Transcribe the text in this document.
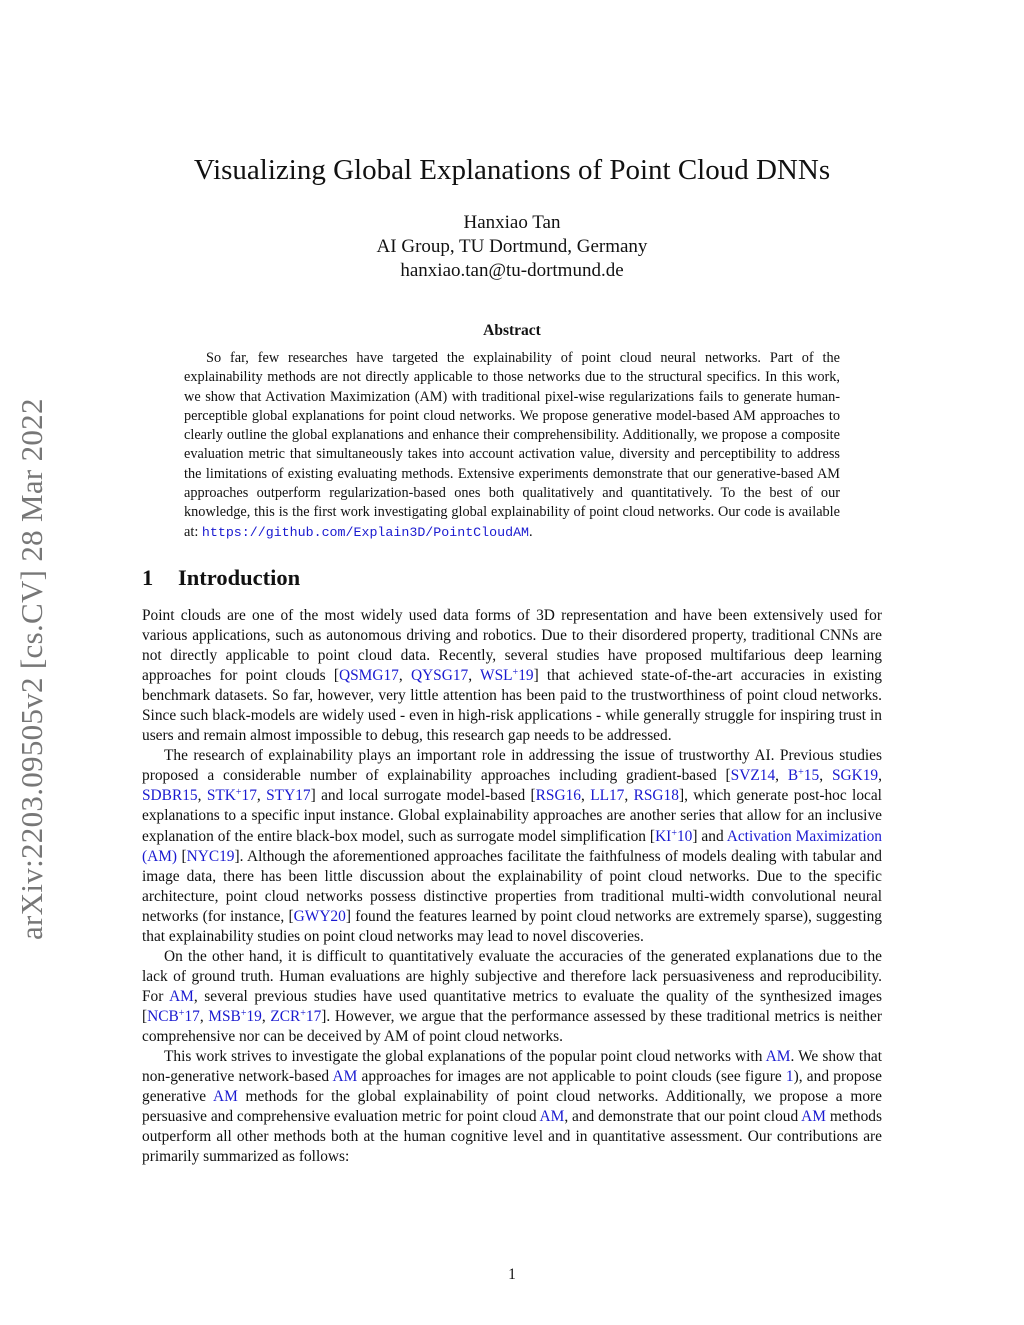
arXiv:2203.09505v2 [cs.CV] 28 Mar 2022
Visualizing Global Explanations of Point Cloud DNNs
Hanxiao Tan
AI Group, TU Dortmund, Germany
hanxiao.tan@tu-dortmund.de
Abstract

So far, few researches have targeted the explainability of point cloud neural networks. Part of the explainability methods are not directly applicable to those networks due to the structural specifics. In this work, we show that Activation Maximization (AM) with traditional pixel-wise regularizations fails to generate human-perceptible global explanations for point cloud networks. We propose generative model-based AM approaches to clearly outline the global explanations and enhance their comprehensibility. Additionally, we propose a composite evaluation metric that simultaneously takes into account activation value, diversity and perceptibility to address the limitations of existing evaluating methods. Extensive experiments demonstrate that our generative-based AM approaches outperform regularization-based ones both qualitatively and quantitatively. To the best of our knowledge, this is the first work investigating global explainability of point cloud networks. Our code is available at: https://github.com/Explain3D/PointCloudAM.

1 Introduction

Point clouds are one of the most widely used data forms of 3D representation and have been extensively used for various applications, such as autonomous driving and robotics. Due to their disordered property, traditional CNNs are not directly applicable to point cloud data. Recently, several studies have proposed multifarious deep learning approaches for point clouds [QSMG17, QYSG17, WSL+19] that achieved state-of-the-art accuracies in existing benchmark datasets. So far, however, very little attention has been paid to the trustworthiness of point cloud networks. Since such black-models are widely used - even in high-risk applications - while generally struggle for inspiring trust in users and remain almost impossible to debug, this research gap needs to be addressed.

The research of explainability plays an important role in addressing the issue of trustworthy AI. Previous studies proposed a considerable number of explainability approaches including gradient-based [SVZ14, B+15, SGK19, SDBR15, STK+17, STY17] and local surrogate model-based [RSG16, LL17, RSG18], which generate post-hoc local explanations to a specific input instance. Global explainability approaches are another series that allow for an inclusive explanation of the entire black-box model, such as surrogate model simplification [KI+10] and Activation Maximization (AM) [NYC19]. Although the aforementioned approaches facilitate the faithfulness of models dealing with tabular and image data, there has been little discussion about the explainability of point cloud networks. Due to the specific architecture, point cloud networks possess distinctive properties from traditional multi-width convolutional neural networks (for instance, [GWY20] found the features learned by point cloud networks are extremely sparse), suggesting that explainability studies on point cloud networks may lead to novel discoveries.

On the other hand, it is difficult to quantitatively evaluate the accuracies of the generated explanations due to the lack of ground truth. Human evaluations are highly subjective and therefore lack persuasiveness and reproducibility. For AM, several previous studies have used quantitative metrics to evaluate the quality of the synthesized images [NCB+17, MSB+19, ZCR+17]. However, we argue that the performance assessed by these traditional metrics is neither comprehensive nor can be deceived by AM of point cloud networks.

This work strives to investigate the global explanations of the popular point cloud networks with AM. We show that non-generative network-based AM approaches for images are not applicable to point clouds (see figure 1), and propose generative AM methods for the global explainability of point cloud networks. Additionally, we propose a more persuasive and comprehensive evaluation metric for point cloud AM, and demonstrate that our point cloud AM methods outperform all other methods both at the human cognitive level and in quantitative assessment. Our contributions are primarily summarized as follows:

1
